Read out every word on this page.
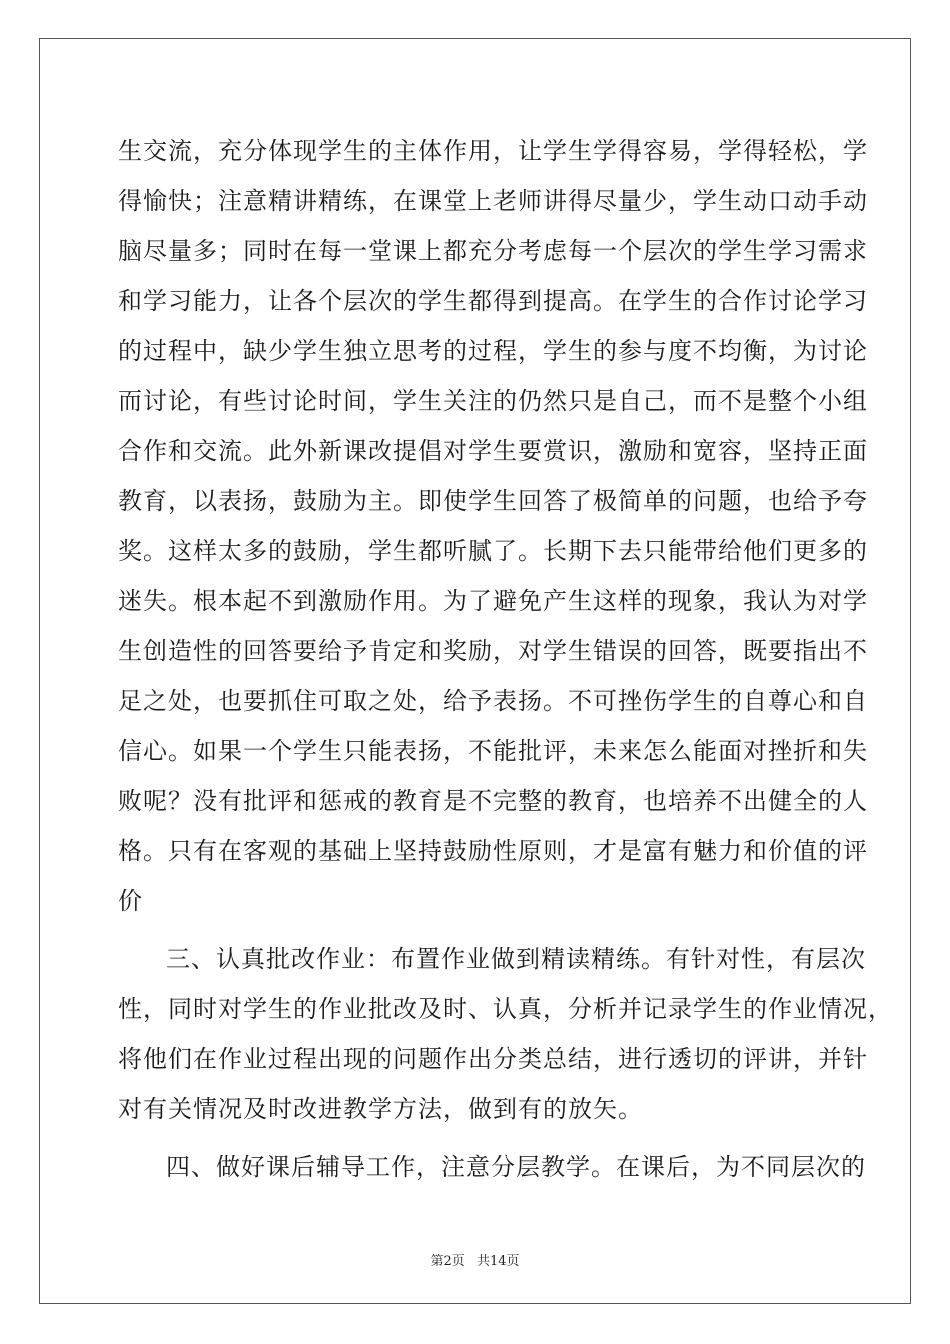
生交流，充分体现学生的主体作用，让学生学得容易，学得轻松，学
得愉快；注意精讲精练，在课堂上老师讲得尽量少，学生动口动手动
脑尽量多；同时在每一堂课上都充分考虑每一个层次的学生学习需求
和学习能力，让各个层次的学生都得到提高。在学生的合作讨论学习
的过程中，缺少学生独立思考的过程，学生的参与度不均衡，为讨论
而讨论，有些讨论时间，学生关注的仍然只是自己，而不是整个小组
合作和交流。此外新课改提倡对学生要赏识，激励和宽容，坚持正面
教育，以表扬，鼓励为主。即使学生回答了极简单的问题，也给予夸
奖。这样太多的鼓励，学生都听腻了。长期下去只能带给他们更多的
迷失。根本起不到激励作用。为了避免产生这样的现象，我认为对学
生创造性的回答要给予肯定和奖励，对学生错误的回答，既要指出不
足之处，也要抓住可取之处，给予表扬。不可挫伤学生的自尊心和自
信心。如果一个学生只能表扬，不能批评，未来怎么能面对挫折和失
败呢？没有批评和惩戒的教育是不完整的教育，也培养不出健全的人
格。只有在客观的基础上坚持鼓励性原则，才是富有魅力和价值的评
价
三、认真批改作业：布置作业做到精读精练。有针对性，有层次
性，同时对学生的作业批改及时、认真，分析并记录学生的作业情况，
将他们在作业过程出现的问题作出分类总结，进行透切的评讲，并针
对有关情况及时改进教学方法，做到有的放矢。
四、做好课后辅导工作，注意分层教学。在课后，为不同层次的
第2页 共14页
